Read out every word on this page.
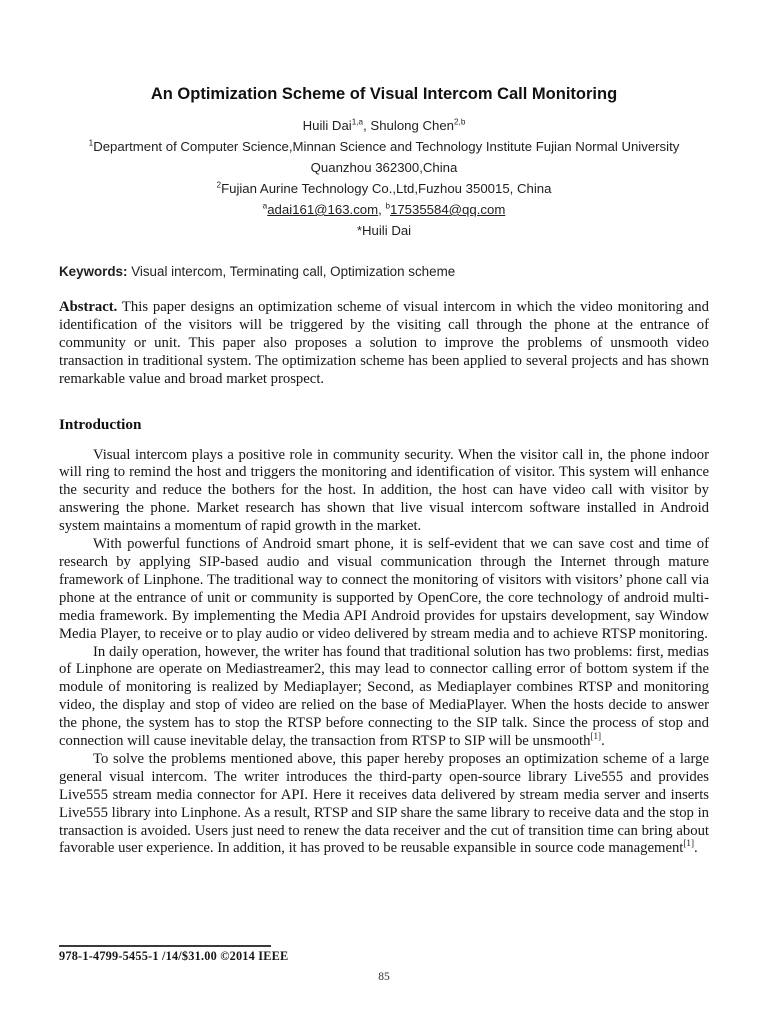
An Optimization Scheme of Visual Intercom Call Monitoring
Huili Dai$^{1,a}$, Shulong Chen$^{2,b}$
$^1$Department of Computer Science,Minnan Science and Technology Institute Fujian Normal University
Quanzhou 362300,China
$^2$Fujian Aurine Technology Co.,Ltd,Fuzhou 350015, China
$^a$adai161@163.com, $^b$17535584@qq.com
*Huili Dai
Keywords: Visual intercom, Terminating call, Optimization scheme
Abstract. This paper designs an optimization scheme of visual intercom in which the video monitoring and identification of the visitors will be triggered by the visiting call through the phone at the entrance of community or unit. This paper also proposes a solution to improve the problems of unsmooth video transaction in traditional system. The optimization scheme has been applied to several projects and has shown remarkable value and broad market prospect.
Introduction

Visual intercom plays a positive role in community security. When the visitor call in, the phone indoor will ring to remind the host and triggers the monitoring and identification of visitor. This system will enhance the security and reduce the bothers for the host. In addition, the host can have video call with visitor by answering the phone. Market research has shown that live visual intercom software installed in Android system maintains a momentum of rapid growth in the market.

With powerful functions of Android smart phone, it is self-evident that we can save cost and time of research by applying SIP-based audio and visual communication through the Internet through mature framework of Linphone. The traditional way to connect the monitoring of visitors with visitors’ phone call via phone at the entrance of unit or community is supported by OpenCore, the core technology of android multi-media framework. By implementing the Media API Android provides for upstairs development, say Window Media Player, to receive or to play audio or video delivered by stream media and to achieve RTSP monitoring.

In daily operation, however, the writer has found that traditional solution has two problems: first, medias of Linphone are operate on Mediastreamer2, this may lead to connector calling error of bottom system if the module of monitoring is realized by Mediaplayer; Second, as Mediaplayer combines RTSP and monitoring video, the display and stop of video are relied on the base of MediaPlayer. When the hosts decide to answer the phone, the system has to stop the RTSP before connecting to the SIP talk. Since the process of stop and connection will cause inevitable delay, the transaction from RTSP to SIP will be unsmooth[1].

To solve the problems mentioned above, this paper hereby proposes an optimization scheme of a large general visual intercom. The writer introduces the third-party open-source library Live555 and provides Live555 stream media connector for API. Here it receives data delivered by stream media server and inserts Live555 library into Linphone. As a result, RTSP and SIP share the same library to receive data and the stop in transaction is avoided. Users just need to renew the data receiver and the cut of transition time can bring about favorable user experience. In addition, it has proved to be reusable expansible in source code management[1].

978-1-4799-5455-1 /14/$31.00 ©2014 IEEE
85
